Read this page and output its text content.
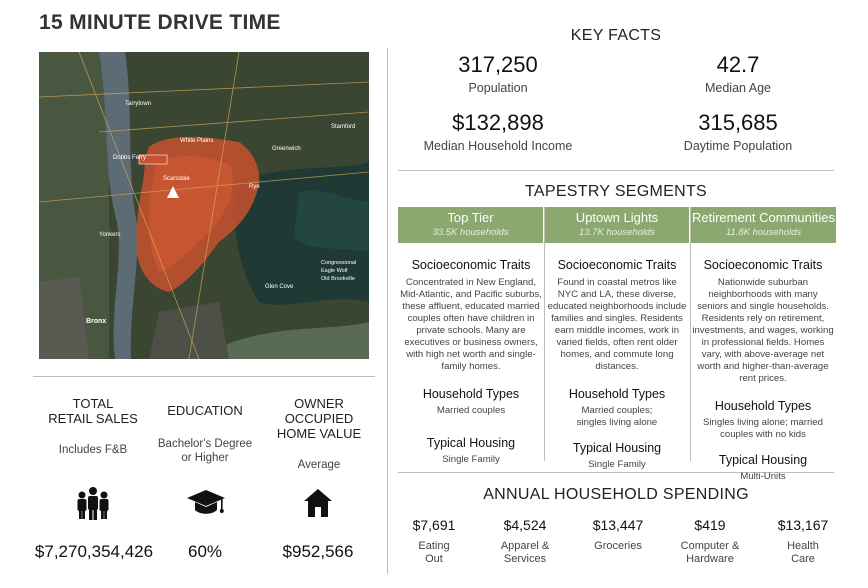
15 MINUTE DRIVE TIME
Tarrytown
White Plains
Stamford
Greenwich
Dobbs Ferry
Scarsdale
Rye
Yonkers
Bronx
Glen Cove
Congressional
Eagle Wolf
Old Brookville
TOTAL
RETAIL SALES
Includes F&B
EDUCATION
Bachelor's Degree
or Higher
OWNER OCCUPIED
HOME VALUE
Average
$7,270,354,426	60%	$952,566
KEY FACTS
317,250
Population
42.7
Median Age
$132,898
Median Household Income
315,685
Daytime Population
TAPESTRY SEGMENTS
Top Tier
33.5K households
Uptown Lights
13.7K households
Retirement Communities
11.8K households
Socioeconomic Traits
Concentrated in New England, Mid-Atlantic, and Pacific suburbs, these affluent, educated married couples often have children in private schools. Many are executives or business owners, with high net worth and single-family homes.
Household Types
Married couples
Typical Housing
Single Family
Socioeconomic Traits
Found in coastal metros like NYC and LA, these diverse, educated neighborhoods include families and singles. Residents earn middle incomes, work in varied fields, often rent older homes, and commute long distances.
Household Types
Married couples;
singles living alone
Typical Housing
Single Family
Socioeconomic Traits
Nationwide suburban neighborhoods with many seniors and single households. Residents rely on retirement, investments, and wages, working in professional fields. Homes vary, with above-average net worth and higher-than-average rent prices.
Household Types
Singles living alone; married
couples with no kids
Typical Housing
Multi-Units
ANNUAL HOUSEHOLD SPENDING
$7,691
Eating
Out
$4,524
Apparel &
Services
$13,447
Groceries
$419
Computer &
Hardware
$13,167
Health
Care
